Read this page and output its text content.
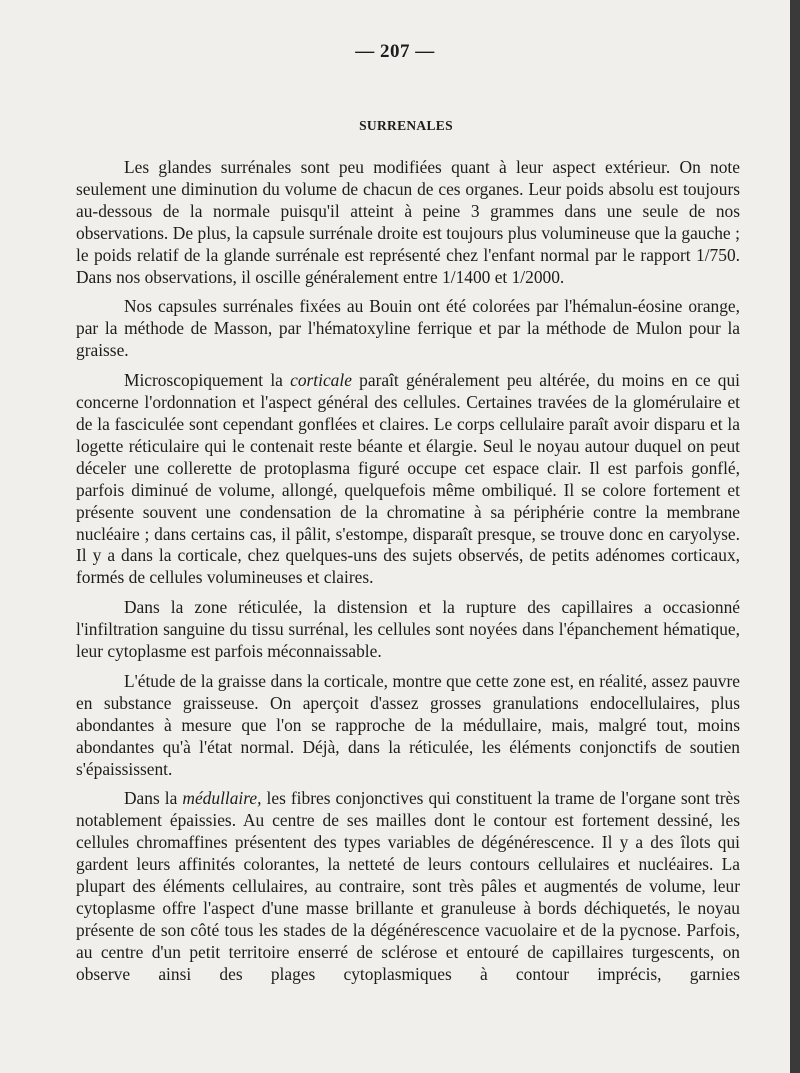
— 207 —
SURRENALES

Les glandes surrénales sont peu modifiées quant à leur aspect extérieur. On note seulement une diminution du volume de chacun de ces organes. Leur poids absolu est toujours au-dessous de la normale puisqu'il atteint à peine 3 grammes dans une seule de nos observations. De plus, la capsule surrénale droite est toujours plus volumineuse que la gauche ; le poids relatif de la glande surrénale est représenté chez l'enfant normal par le rapport 1/750. Dans nos observations, il oscille généralement entre 1/1400 et 1/2000.

Nos capsules surrénales fixées au Bouin ont été colorées par l'hémalun-éosine orange, par la méthode de Masson, par l'hématoxyline ferrique et par la méthode de Mulon pour la graisse.

Microscopiquement la corticale paraît généralement peu altérée, du moins en ce qui concerne l'ordonnation et l'aspect général des cellules. Certaines travées de la glomérulaire et de la fasciculée sont cependant gonflées et claires. Le corps cellulaire paraît avoir disparu et la logette réticulaire qui le contenait reste béante et élargie. Seul le noyau autour duquel on peut déceler une collerette de protoplasma figuré occupe cet espace clair. Il est parfois gonflé, parfois diminué de volume, allongé, quelquefois même ombiliqué. Il se colore fortement et présente souvent une condensation de la chromatine à sa périphérie contre la membrane nucléaire ; dans certains cas, il pâlit, s'estompe, disparaît presque, se trouve donc en caryolyse. Il y a dans la corticale, chez quelques-uns des sujets observés, de petits adénomes corticaux, formés de cellules volumineuses et claires.

Dans la zone réticulée, la distension et la rupture des capillaires a occasionné l'infiltration sanguine du tissu surrénal, les cellules sont noyées dans l'épanchement hématique, leur cytoplasme est parfois méconnaissable.

L'étude de la graisse dans la corticale, montre que cette zone est, en réalité, assez pauvre en substance graisseuse. On aperçoit d'assez grosses granulations endocellulaires, plus abondantes à mesure que l'on se rapproche de la médullaire, mais, malgré tout, moins abondantes qu'à l'état normal. Déjà, dans la réticulée, les éléments conjonctifs de soutien s'épaississent.

Dans la médullaire, les fibres conjonctives qui constituent la trame de l'organe sont très notablement épaissies. Au centre de ses mailles dont le contour est fortement dessiné, les cellules chromaffines présentent des types variables de dégénérescence. Il y a des îlots qui gardent leurs affinités colorantes, la netteté de leurs contours cellulaires et nucléaires. La plupart des éléments cellulaires, au contraire, sont très pâles et augmentés de volume, leur cytoplasme offre l'aspect d'une masse brillante et granuleuse à bords déchiquetés, le noyau présente de son côté tous les stades de la dégénérescence vacuolaire et de la pycnose. Parfois, au centre d'un petit territoire enserré de sclérose et entouré de capillaires turgescents, on observe ainsi des plages cytoplasmiques à contour imprécis, garnies
